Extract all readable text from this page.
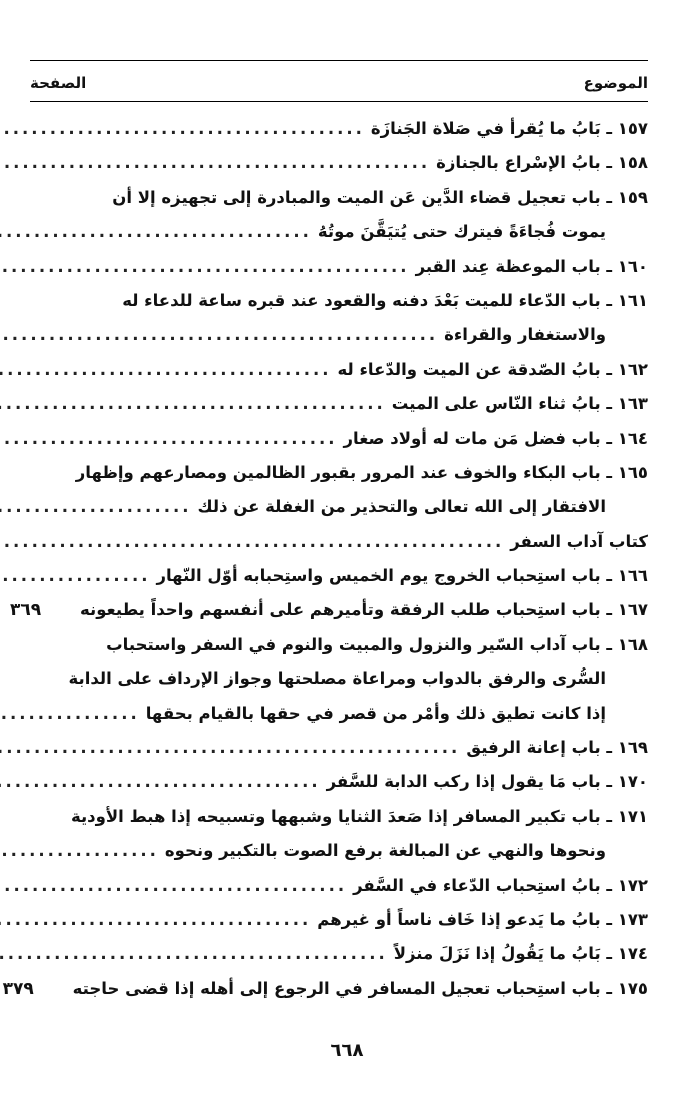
الموضوع
الصفحة
١٥٧ ـ بَابُ ما يُقرأ في صَلاة الجَنازَة
.....
١٥٨ ـ بابُ الإسْراع بالجنازة
.....
١٥٩ ـ باب تعجيل قضاء الدَّين عَن الميت والمبادرة إلى تجهيزه إلا أن
يموت فُجاءَةً فيترك حتى يُتيَقَّنَ موتُهُ
.....
١٦٠ ـ باب الموعظة عِند القبر
.....
١٦١ ـ باب الدّعاء للميت بَعْدَ دفنه والقعود عند قبره ساعة للدعاء له
والاستغفار والقراءة
.....
١٦٢ ـ بابُ الصّدقة عن الميت والدّعاء له
.....
١٦٣ ـ بابُ ثناء النّاس على الميت
.....
١٦٤ ـ باب فضل مَن مات له أولاد صغار
.....
١٦٥ ـ باب البكاء والخوف عند المرور بقبور الظالمين ومصارعهم وإظهار
الافتقار إلى الله تعالى والتحذير من الغفلة عن ذلك
.....
كتاب آداب السفر
.....
١٦٦ ـ باب استِحباب الخروج يوم الخميس واستِحبابه أوّل النّهار
.....
١٦٧ ـ باب استِحباب طلب الرفقة وتأميرهم على أنفسهم واحداً يطيعونه
٣٦٩
١٦٨ ـ باب آداب السّير والنزول والمبيت والنوم في السفر واستحباب
السُّرى والرفق بالدواب ومراعاة مصلحتها وجواز الإرداف على الدابة
إذا كانت تطيق ذلك وأمْر من قصر في حقها بالقيام بحقها
.....
١٦٩ ـ باب إعانة الرفيق
.....
١٧٠ ـ باب مَا يقول إذا ركب الدابة للسَّفر
.....
١٧١ ـ باب تكبير المسافر إذا صَعدَ الثنايا وشبهها وتسبيحه إذا هبط الأودية
ونحوها والنهي عن المبالغة برفع الصوت بالتكبير ونحوه
.....
١٧٢ ـ بابُ استِحباب الدّعاء في السَّفر
.....
١٧٣ ـ بابُ ما يَدعو إذا خَاف ناساً أو غيرهم
.....
١٧٤ ـ بَابُ ما يَقُولُ إذا نَزَلَ منزلاً
.....
١٧٥ ـ باب استِحباب تعجيل المسافر في الرجوع إلى أهله إذا قضى حاجته
٣٧٩
٦٦٨
